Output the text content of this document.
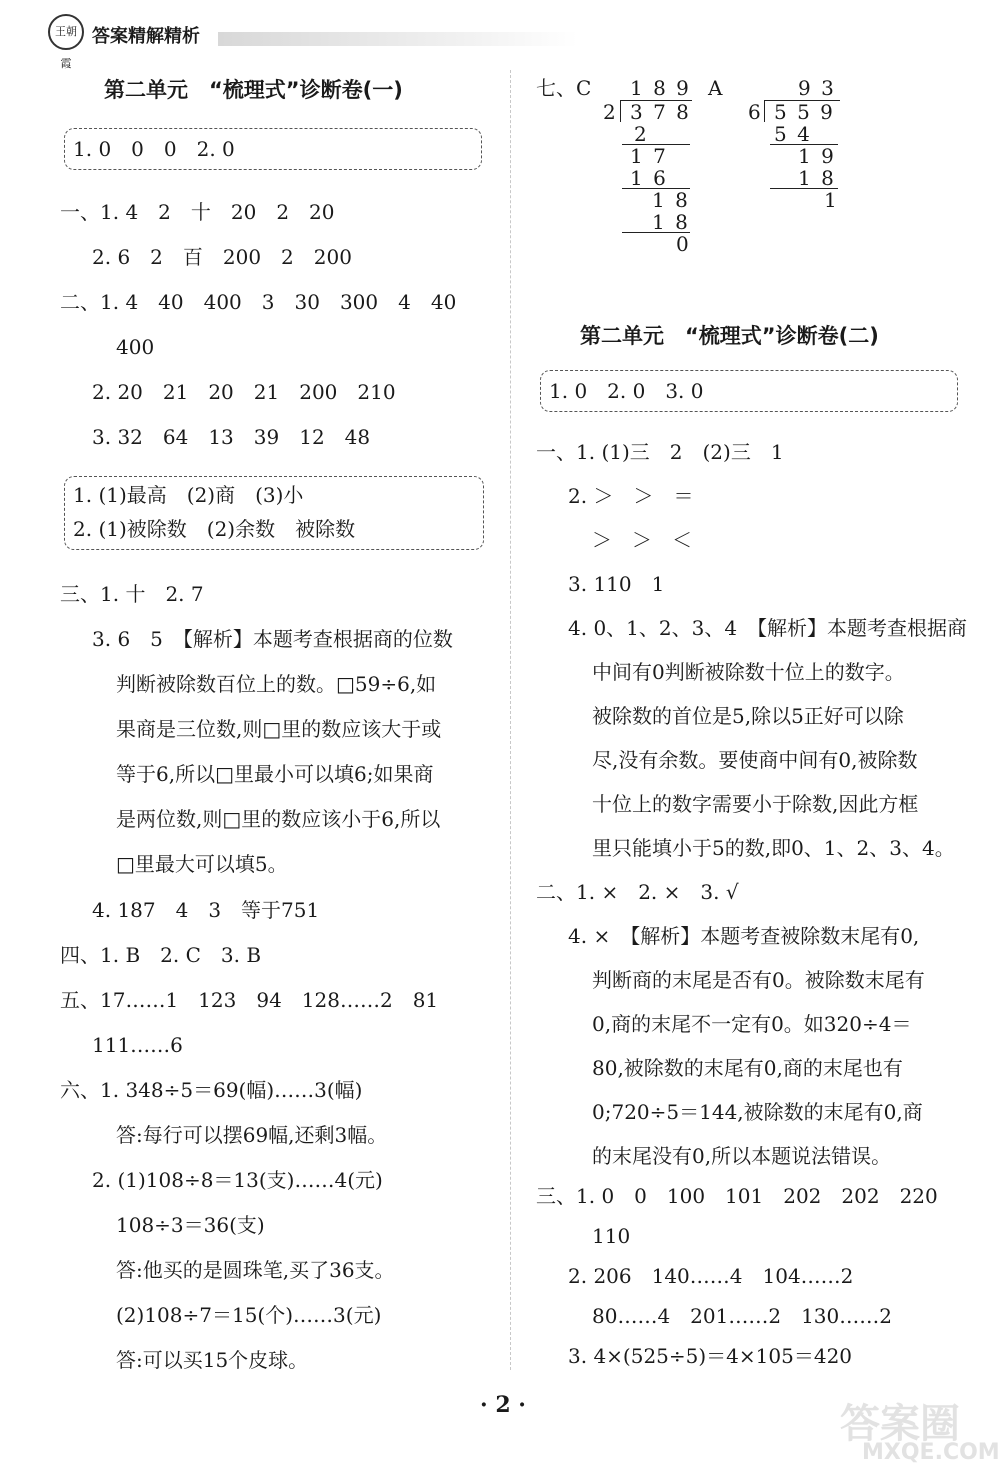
王朝霞
答案精解精析
第二单元　“梳理式”诊断卷(一)
1. 0　0　0　2. 0
一、1. 4　2　十　20　2　20
2. 6　2　百　200　2　200
二、1. 4　40　400　3　30　300　4　40
400
2. 20　21　20　21　200　210
3. 32　64　13　39　12　48
1. (1)最高　(2)商　(3)小
2. (1)被除数　(2)余数　被除数
三、1. 十　2. 7
3. 6　5　【解析】本题考查根据商的位数
判断被除数百位上的数。□59÷6,如
果商是三位数,则□里的数应该大于或
等于6,所以□里最小可以填6;如果商
是两位数,则□里的数应该小于6,所以
□里最大可以填5。
4. 187　4　3　等于751
四、1. B　2. C　3. B
五、17……1　123　94　128……2　81
111……6
六、1. 348÷5＝69(幅)……3(幅)
答:每行可以摆69幅,还剩3幅。
2. (1)108÷8＝13(支)……4(元)
108÷3＝36(支)
答:他买的是圆珠笔,买了36支。
(2)108÷7＝15(个)……3(元)
答:可以买15个皮球。
七、C 1 8 9
2 3 7 8
2
1 7
1 6
1 8
1 8
0
A	9 3
6 5 5 9
5 4
1 9
1 8
1
第二单元　“梳理式”诊断卷(二)
1. 0　2. 0　3. 0
一、1. (1)三　2　(2)三　1
2. ＞　＞　＝
＞　＞　＜
3. 110　1
4. 0、1、2、3、4　【解析】本题考查根据商
中间有0判断被除数十位上的数字。
被除数的首位是5,除以5正好可以除
尽,没有余数。要使商中间有0,被除数
十位上的数字需要小于除数,因此方框
里只能填小于5的数,即0、1、2、3、4。
二、1. ×　2. ×　3. √
4. ×　【解析】本题考查被除数末尾有0,
判断商的末尾是否有0。被除数末尾有
0,商的末尾不一定有0。如320÷4＝
80,被除数的末尾有0,商的末尾也有
0;720÷5＝144,被除数的末尾有0,商
的末尾没有0,所以本题说法错误。
三、1. 0　0　100　101　202　202　220
110
2. 206　140……4　104……2
80……4　201……2　130……2
3. 4×(525÷5)＝4×105＝420
· 2 ·	答案圈
MXQE.COM
